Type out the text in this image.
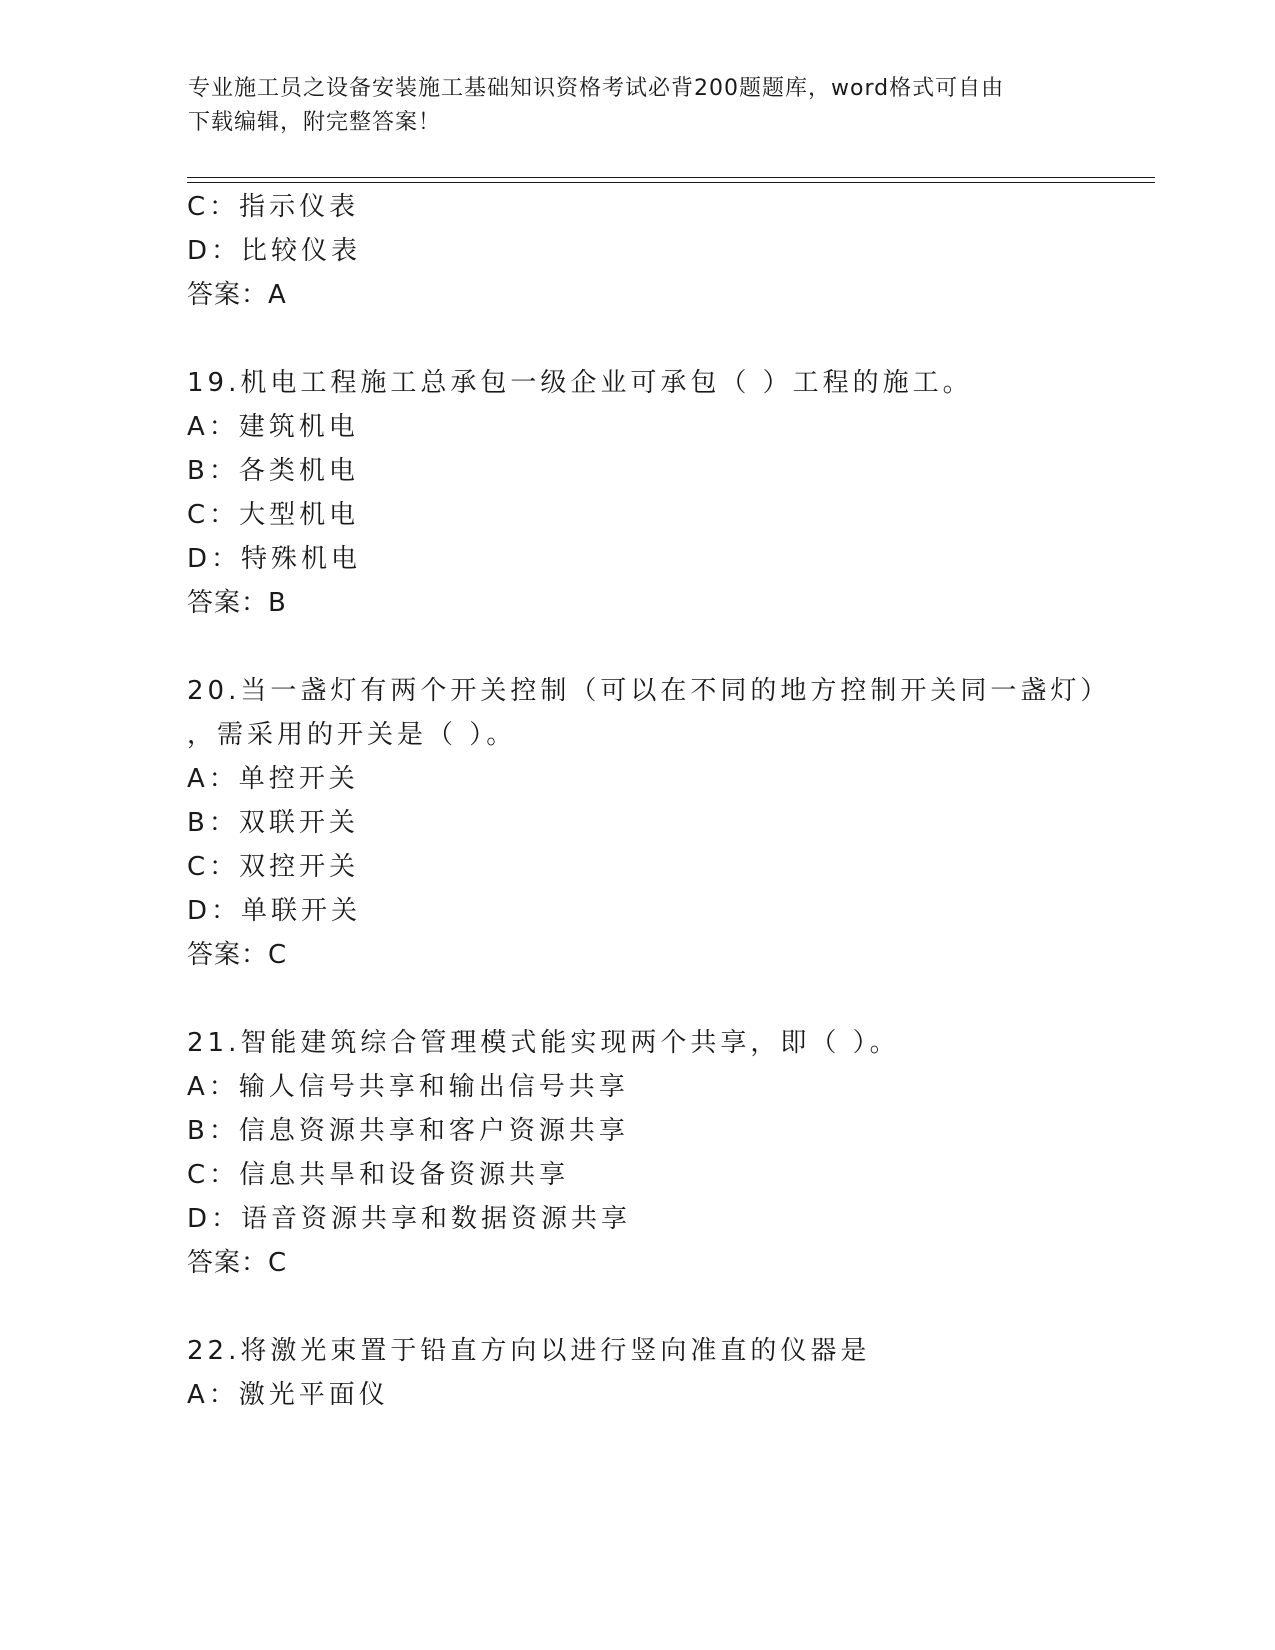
专业施工员之设备安装施工基础知识资格考试必背200题题库，word格式可自由
下载编辑，附完整答案！
C：指示仪表
D：比较仪表
答案：A
19.机电工程施工总承包一级企业可承包（ ）工程的施工。
A：建筑机电
B：各类机电
C：大型机电
D：特殊机电
答案：B
20.当一盏灯有两个开关控制（可以在不同的地方控制开关同一盏灯）
，需采用的开关是（ ）。
A：单控开关
B：双联开关
C：双控开关
D：单联开关
答案：C
21.智能建筑综合管理模式能实现两个共享，即（ ）。
A：输人信号共享和输出信号共享
B：信息资源共享和客户资源共享
C：信息共旱和设备资源共享
D：语音资源共享和数据资源共享
答案：C
22.将激光束置于铅直方向以进行竖向准直的仪器是
A：激光平面仪
